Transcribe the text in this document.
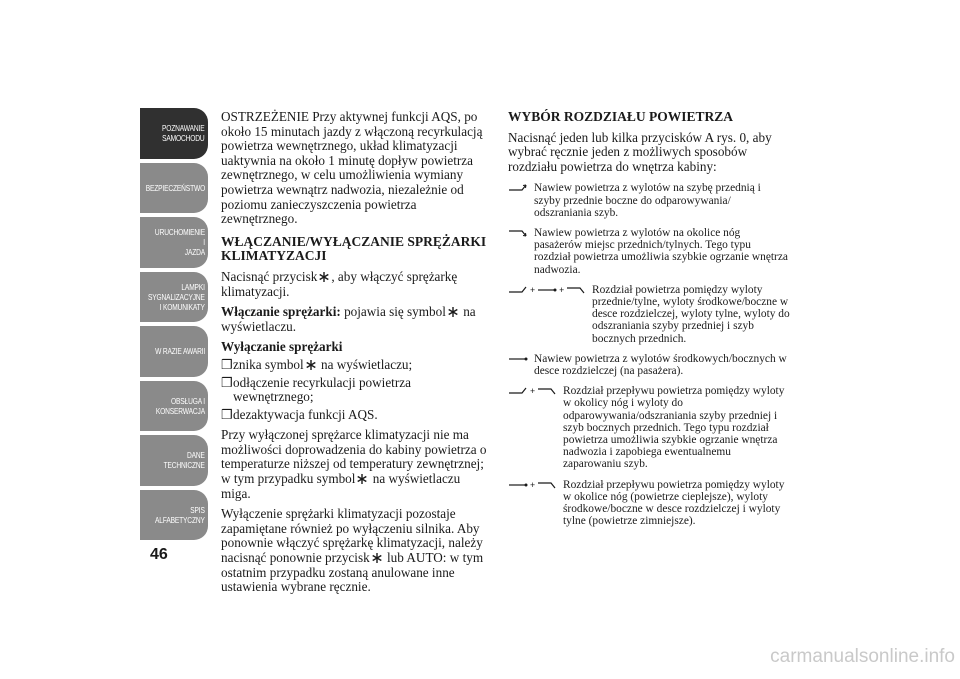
POZNAWANIE
SAMOCHODU
BEZPIECZEŃSTWO
URUCHOMIENIE I
JAZDA
LAMPKI
SYGNALIZACYJNE
I KOMUNIKATY
W RAZIE AWARII
OBSŁUGA I
KONSERWACJA
DANE
TECHNICZNE
SPIS
ALFABETYCZNY
46

OSTRZEŻENIE Przy aktywnej funkcji AQS, po około 15 minutach jazdy z włączoną recyrkulacją powietrza wewnętrznego, układ klimatyzacji uaktywnia na około 1 minutę dopływ powietrza zewnętrznego, w celu umożliwienia wymiany powietrza wewnątrz nadwozia, niezależnie od poziomu zanieczyszczenia powietrza zewnętrznego.

WŁĄCZANIE/WYŁĄCZANIE SPRĘŻARKI KLIMATYZACJI

Nacisnąć przycisk , aby włączyć sprężarkę klimatyzacji.

Włączanie sprężarki: pojawia się symbol na wyświetlaczu.

Wyłączanie sprężarki

❒ znika symbol na wyświetlaczu;
❒ odłączenie recyrkulacji powietrza wewnętrznego;
❒ dezaktywacja funkcji AQS.

Przy wyłączonej sprężarce klimatyzacji nie ma możliwości doprowadzenia do kabiny powietrza o temperaturze niższej od temperatury zewnętrznej; w tym przypadku symbol na wyświetlaczu miga.

Wyłączenie sprężarki klimatyzacji pozostaje zapamiętane również po wyłączeniu silnika. Aby ponownie włączyć sprężarkę klimatyzacji, należy nacisnąć ponownie przycisk lub AUTO: w tym ostatnim przypadku zostaną anulowane inne ustawienia wybrane ręcznie.

WYBÓR ROZDZIAŁU POWIETRZA

Nacisnąć jeden lub kilka przycisków A rys. 0, aby wybrać ręcznie jeden z możliwych sposobów rozdziału powietrza do wnętrza kabiny:

Nawiew powietrza z wylotów na szybę przednią i szyby przednie boczne do odparowywania/ odszraniania szyb.
Nawiew powietrza z wylotów na okolice nóg pasażerów miejsc przednich/tylnych. Tego typu rozdział powietrza umożliwia szybkie ogrzanie wnętrza nadwozia.
+	+ Rozdział powietrza pomiędzy wyloty przednie/tylne, wyloty środkowe/boczne w desce rozdzielczej, wyloty tylne, wyloty do odszraniania szyby przedniej i szyb bocznych przednich.
Nawiew powietrza z wylotów środkowych/bocznych w desce rozdzielczej (na pasażera).
+ Rozdział przepływu powietrza pomiędzy wyloty w okolicy nóg i wyloty do odparowywania/odszraniania szyby przedniej i szyb bocznych przednich. Tego typu rozdział powietrza umożliwia szybkie ogrzanie wnętrza nadwozia i zapobiega ewentualnemu zaparowaniu szyb.
+ Rozdział przepływu powietrza pomiędzy wyloty w okolice nóg (powietrze cieplejsze), wyloty środkowe/boczne w desce rozdzielczej i wyloty tylne (powietrze zimniejsze).
carmanualsonline.info
